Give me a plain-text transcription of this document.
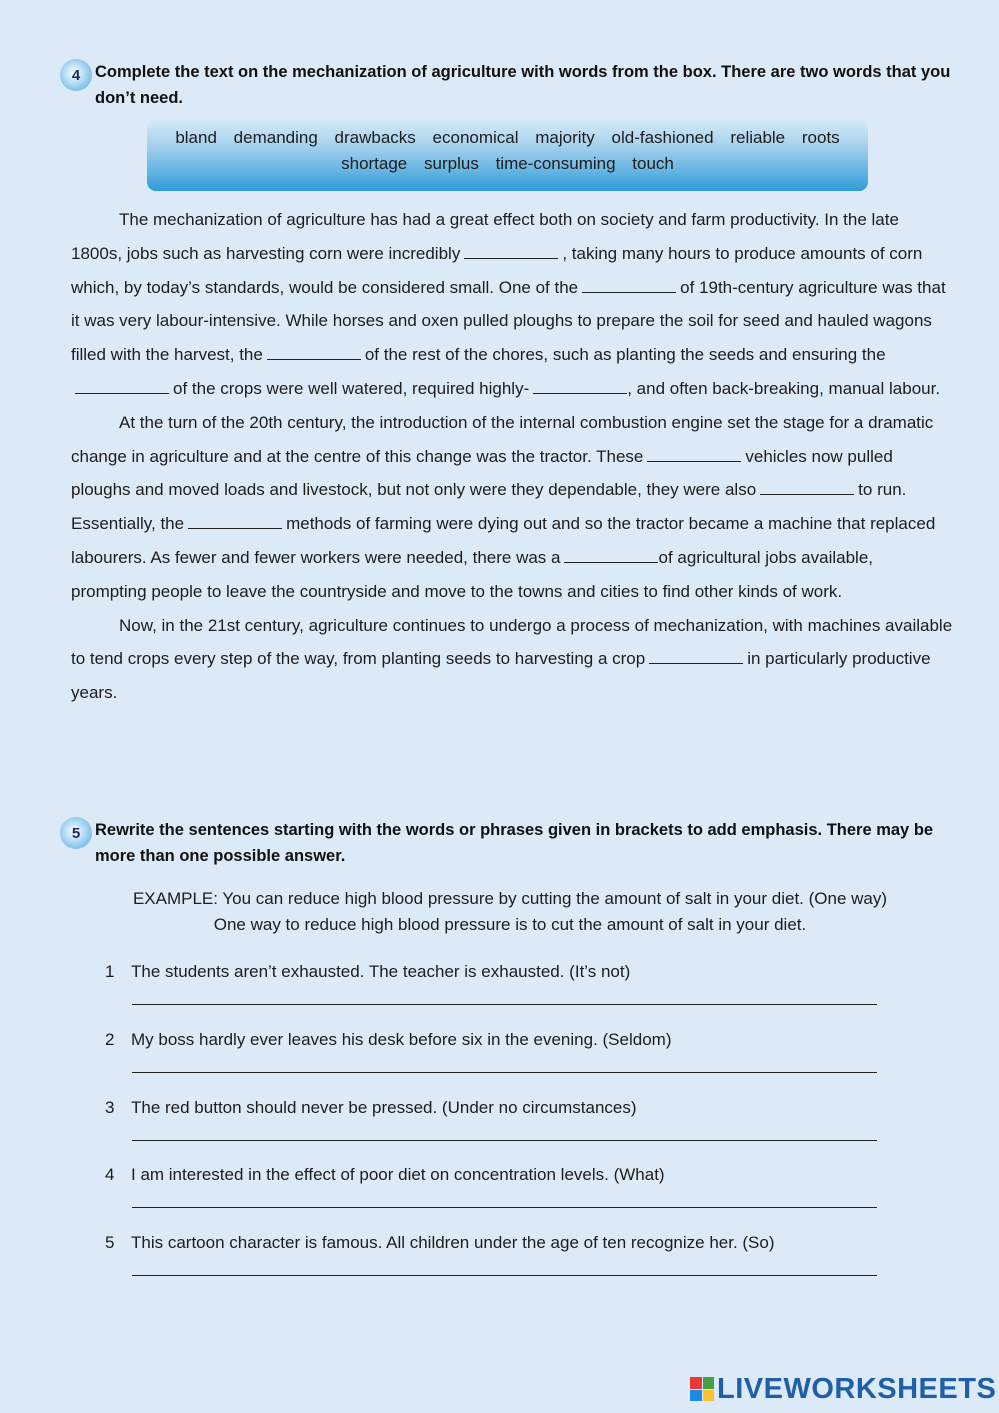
4 Complete the text on the mechanization of agriculture with words from the box. There are two words that you don’t need.
bland demanding drawbacks economical majority old-fashioned reliable roots
shortage surplus time-consuming touch

The mechanization of agriculture has had a great effect both on society and farm productivity. In the late 1800s, jobs such as harvesting corn were incredibly	, taking many hours to produce amounts of corn which, by today’s standards, would be considered small. One of the	of 19th-century agriculture was that it was very labour-intensive. While horses and oxen pulled ploughs to prepare the soil for seed and hauled wagons filled with the harvest, the	of the rest of the chores, such as planting the seeds and ensuring theof the crops were well watered, required highly-	, and often back-breaking, manual labour.

At the turn of the 20th century, the introduction of the internal combustion engine set the stage for a dramatic change in agriculture and at the centre of this change was the tractor. These	vehicles now pulled ploughs and moved loads and livestock, but not only were they dependable, they were also	to run. Essentially, the	methods of farming were dying out and so the tractor became a machine that replaced labourers. As fewer and fewer workers were needed, there was a	of agricultural jobs available, prompting people to leave the countryside and move to the towns and cities to find other kinds of work.

Now, in the 21st century, agriculture continues to undergo a process of mechanization, with machines available to tend crops every step of the way, from planting seeds to harvesting a crop	in particularly productive years.

5 Rewrite the sentences starting with the words or phrases given in brackets to add emphasis. There may be more than one possible answer.
EXAMPLE: You can reduce high blood pressure by cutting the amount of salt in your diet. (One way)
One way to reduce high blood pressure is to cut the amount of salt in your diet.
1 The students aren’t exhausted. The teacher is exhausted. (It’s not)
2 My boss hardly ever leaves his desk before six in the evening. (Seldom)
3 The red button should never be pressed. (Under no circumstances)
4 I am interested in the effect of poor diet on concentration levels. (What)
5 This cartoon character is famous. All children under the age of ten recognize her. (So)
LIVEWORKSHEETS
